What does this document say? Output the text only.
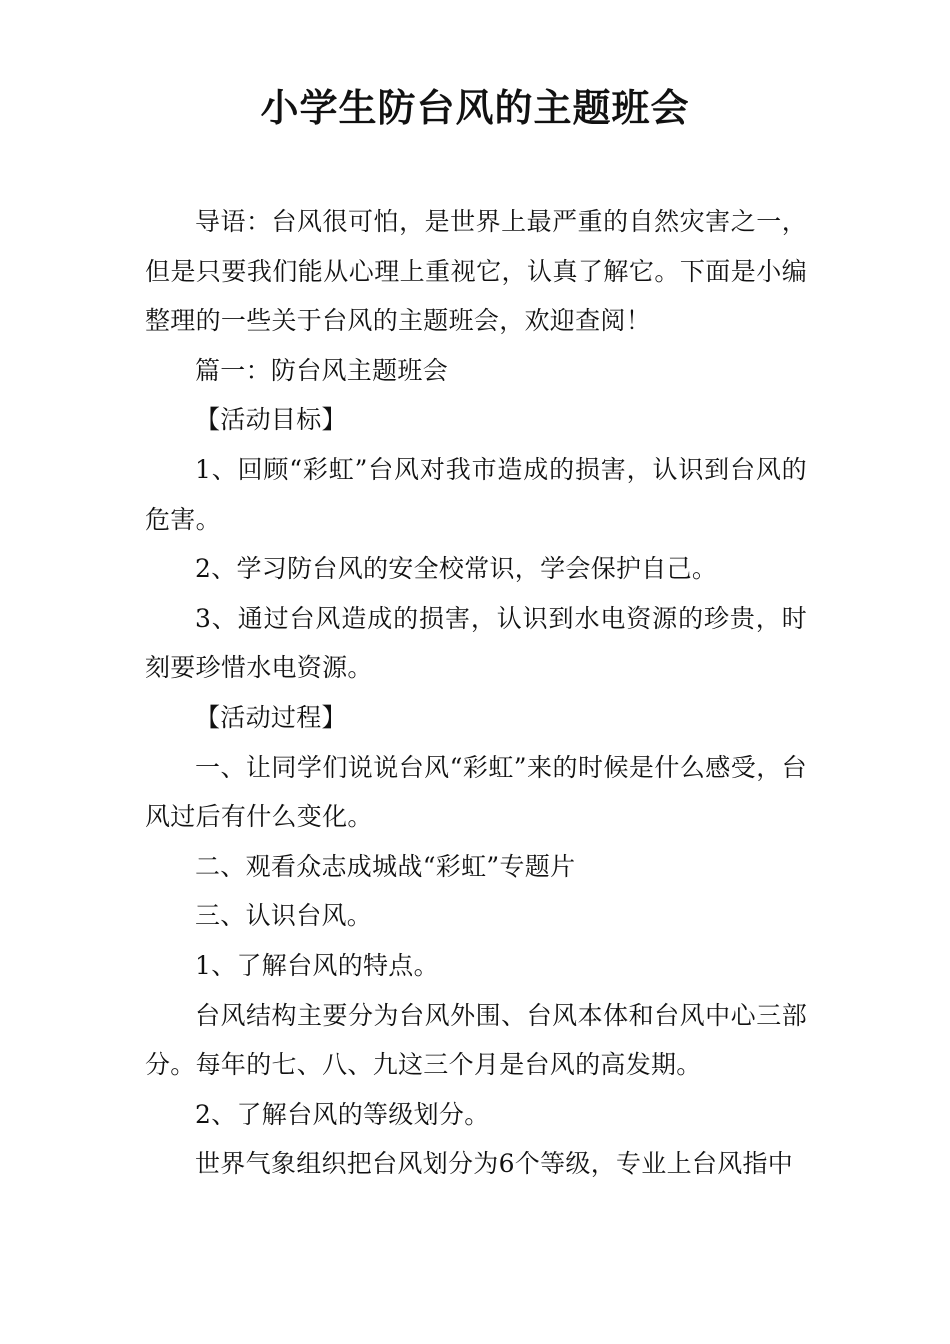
小学生防台风的主题班会

导语：台风很可怕，是世界上最严重的自然灾害之一，但是只要我们能从心理上重视它，认真了解它。下面是小编整理的一些关于台风的主题班会，欢迎查阅！

篇一：防台风主题班会

【活动目标】

1、回顾“彩虹”台风对我市造成的损害，认识到台风的危害。

2、学习防台风的安全校常识，学会保护自己。

3、通过台风造成的损害，认识到水电资源的珍贵，时刻要珍惜水电资源。

【活动过程】

一、让同学们说说台风“彩虹”来的时候是什么感受，台风过后有什么变化。

二、观看众志成城战“彩虹”专题片

三、认识台风。

1、了解台风的特点。

台风结构主要分为台风外围、台风本体和台风中心三部分。每年的七、八、九这三个月是台风的高发期。

2、了解台风的等级划分。

世界气象组织把台风划分为6个等级，专业上台风指中
